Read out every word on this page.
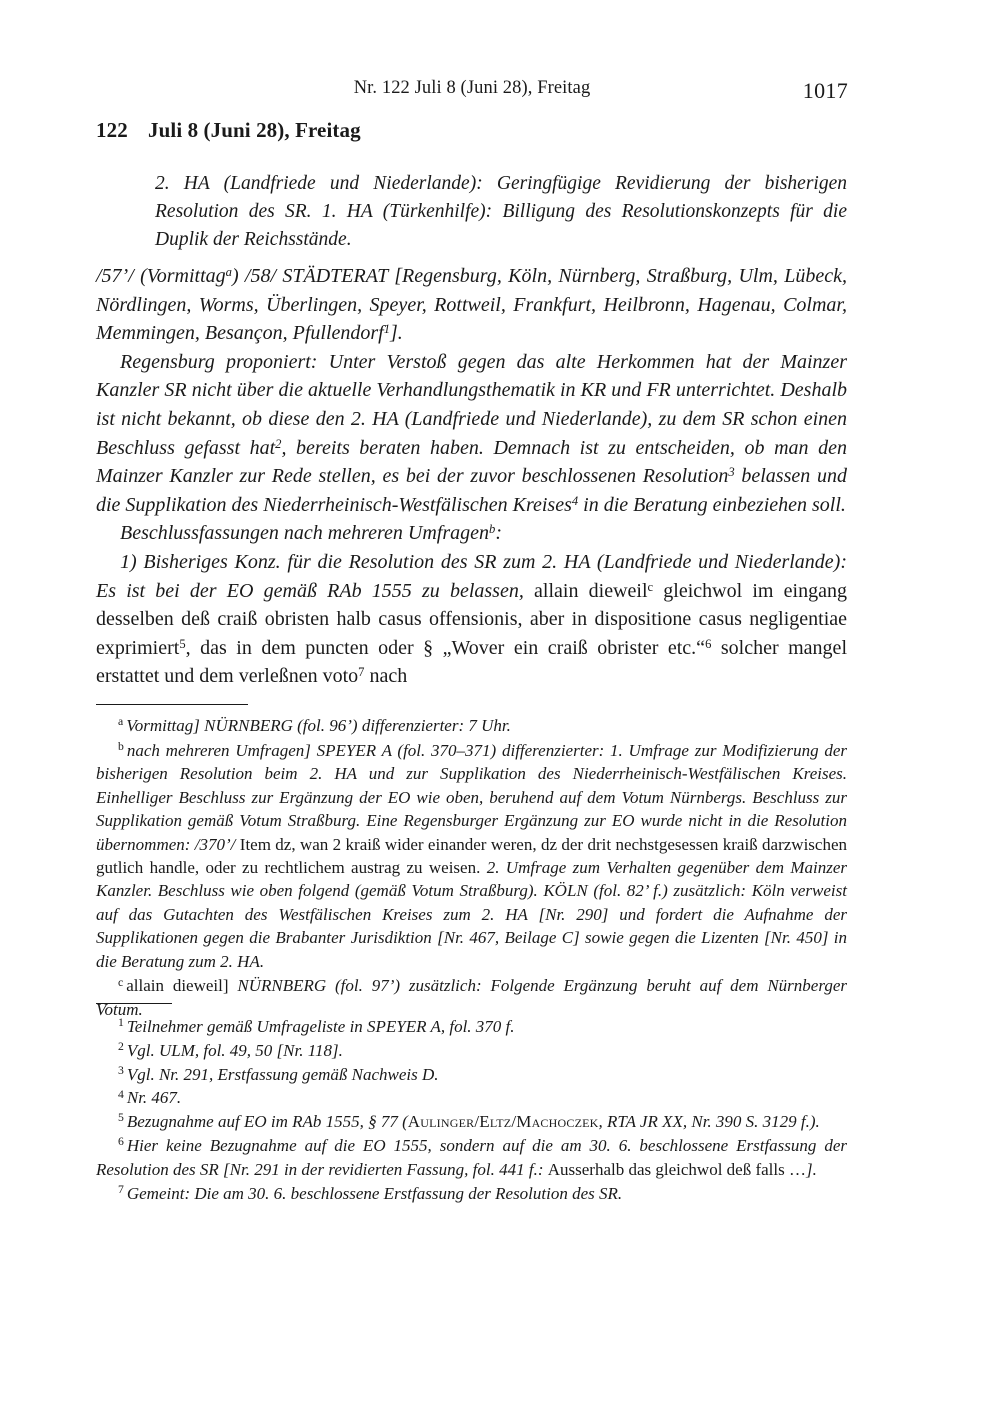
Nr. 122 Juli 8 (Juni 28), Freitag	1017
122 Juli 8 (Juni 28), Freitag
2. HA (Landfriede und Niederlande): Geringfügige Revidierung der bisherigen Resolution des SR. 1. HA (Türkenhilfe): Billigung des Resolutionskonzepts für die Duplik der Reichsstände.

/57’/ (Vormittag$^a$) /58/ STÄDTERAT [Regensburg, Köln, Nürnberg, Straßburg, Ulm, Lübeck, Nördlingen, Worms, Überlingen, Speyer, Rottweil, Frankfurt, Heilbronn, Hagenau, Colmar, Memmingen, Besançon, Pfullendorf$^1$].

Regensburg proponiert: Unter Verstoß gegen das alte Herkommen hat der Mainzer Kanzler SR nicht über die aktuelle Verhandlungsthematik in KR und FR unterrichtet. Deshalb ist nicht bekannt, ob diese den 2. HA (Landfriede und Niederlande), zu dem SR schon einen Beschluss gefasst hat$^2$, bereits beraten haben. Demnach ist zu entscheiden, ob man den Mainzer Kanzler zur Rede stellen, es bei der zuvor beschlossenen Resolution$^3$ belassen und die Supplikation des Niederrheinisch-Westfälischen Kreises$^4$ in die Beratung einbeziehen soll.

Beschlussfassungen nach mehreren Umfragen$^b$:

1) Bisheriges Konz. für die Resolution des SR zum 2. HA (Landfriede und Niederlande): Es ist bei der EO gemäß RAb 1555 zu belassen, allain dieweil$^c$ gleichwol im eingang desselben deß craiß obristen halb casus offensionis, aber in dispositione casus negligentiae exprimiert$^5$, das in dem puncten oder § „Wover ein craiß obrister etc.“$^6$ solcher mangel erstattet und dem verleßnen voto$^7$ nach

$^a$ Vormittag] NÜRNBERG (fol. 96’) differenzierter: 7 Uhr.

$^b$ nach mehreren Umfragen] SPEYER A (fol. 370–371) differenzierter: 1. Umfrage zur Modifizierung der bisherigen Resolution beim 2. HA und zur Supplikation des Niederrheinisch-Westfälischen Kreises. Einhelliger Beschluss zur Ergänzung der EO wie oben, beruhend auf dem Votum Nürnbergs. Beschluss zur Supplikation gemäß Votum Straßburg. Eine Regensburger Ergänzung zur EO wurde nicht in die Resolution übernommen: /370’/ Item dz, wan 2 kraiß wider einander weren, dz der drit nechstgesessen kraiß darzwischen gutlich handle, oder zu rechtlichem austrag zu weisen. 2. Umfrage zum Verhalten gegenüber dem Mainzer Kanzler. Beschluss wie oben folgend (gemäß Votum Straßburg). KÖLN (fol. 82’ f.) zusätzlich: Köln verweist auf das Gutachten des Westfälischen Kreises zum 2. HA [Nr. 290] und fordert die Aufnahme der Supplikationen gegen die Brabanter Jurisdiktion [Nr. 467, Beilage C] sowie gegen die Lizenten [Nr. 450] in die Beratung zum 2. HA.

$^c$ allain dieweil] NÜRNBERG (fol. 97’) zusätzlich: Folgende Ergänzung beruht auf dem Nürnberger Votum.

$^1$ Teilnehmer gemäß Umfrageliste in SPEYER A, fol. 370 f.

$^2$ Vgl. ULM, fol. 49, 50 [Nr. 118].

$^3$ Vgl. Nr. 291, Erstfassung gemäß Nachweis D.

$^4$ Nr. 467.

$^5$ Bezugnahme auf EO im RAb 1555, § 77 (Aulinger/Eltz/Machoczek, RTA JR XX, Nr. 390 S. 3129 f.).

$^6$ Hier keine Bezugnahme auf die EO 1555, sondern auf die am 30. 6. beschlossene Erstfassung der Resolution des SR [Nr. 291 in der revidierten Fassung, fol. 441 f.: Ausserhalb das gleichwol deß falls …].

$^7$ Gemeint: Die am 30. 6. beschlossene Erstfassung der Resolution des SR.
